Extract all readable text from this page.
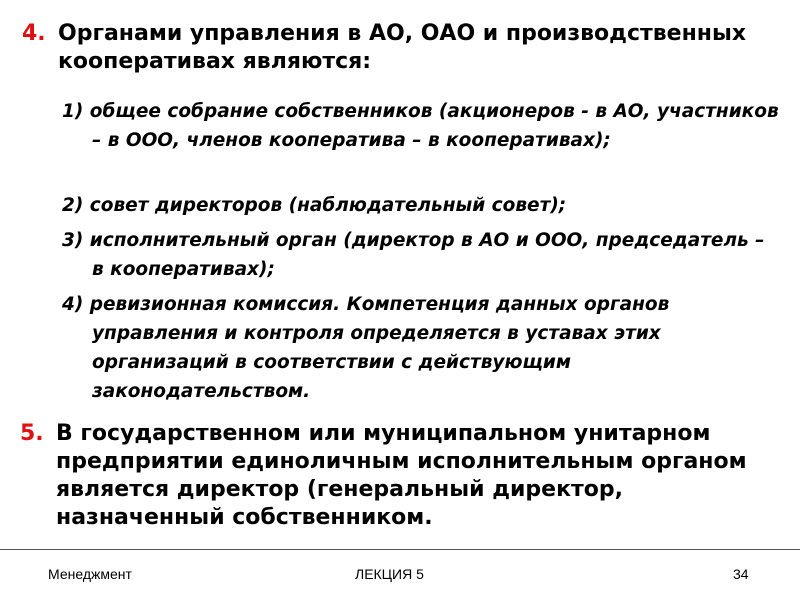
4. Органами управления в АО, ОАО и производственных кооперативах являются:
1) общее собрание собственников (акционеров - в АО, участников – в ООО, членов кооператива – в кооперативах);
2) совет директоров (наблюдательный совет);
3) исполнительный орган (директор в АО и ООО, председатель – в кооперативах);
4) ревизионная комиссия. Компетенция данных органов управления и контроля определяется в уставах этих организаций в соответствии с действующим законодательством.
5. В государственном или муниципальном унитарном предприятии единоличным исполнительным органом является директор (генеральный директор, назначенный собственником.
Менеджмент	ЛЕКЦИЯ 5	34
